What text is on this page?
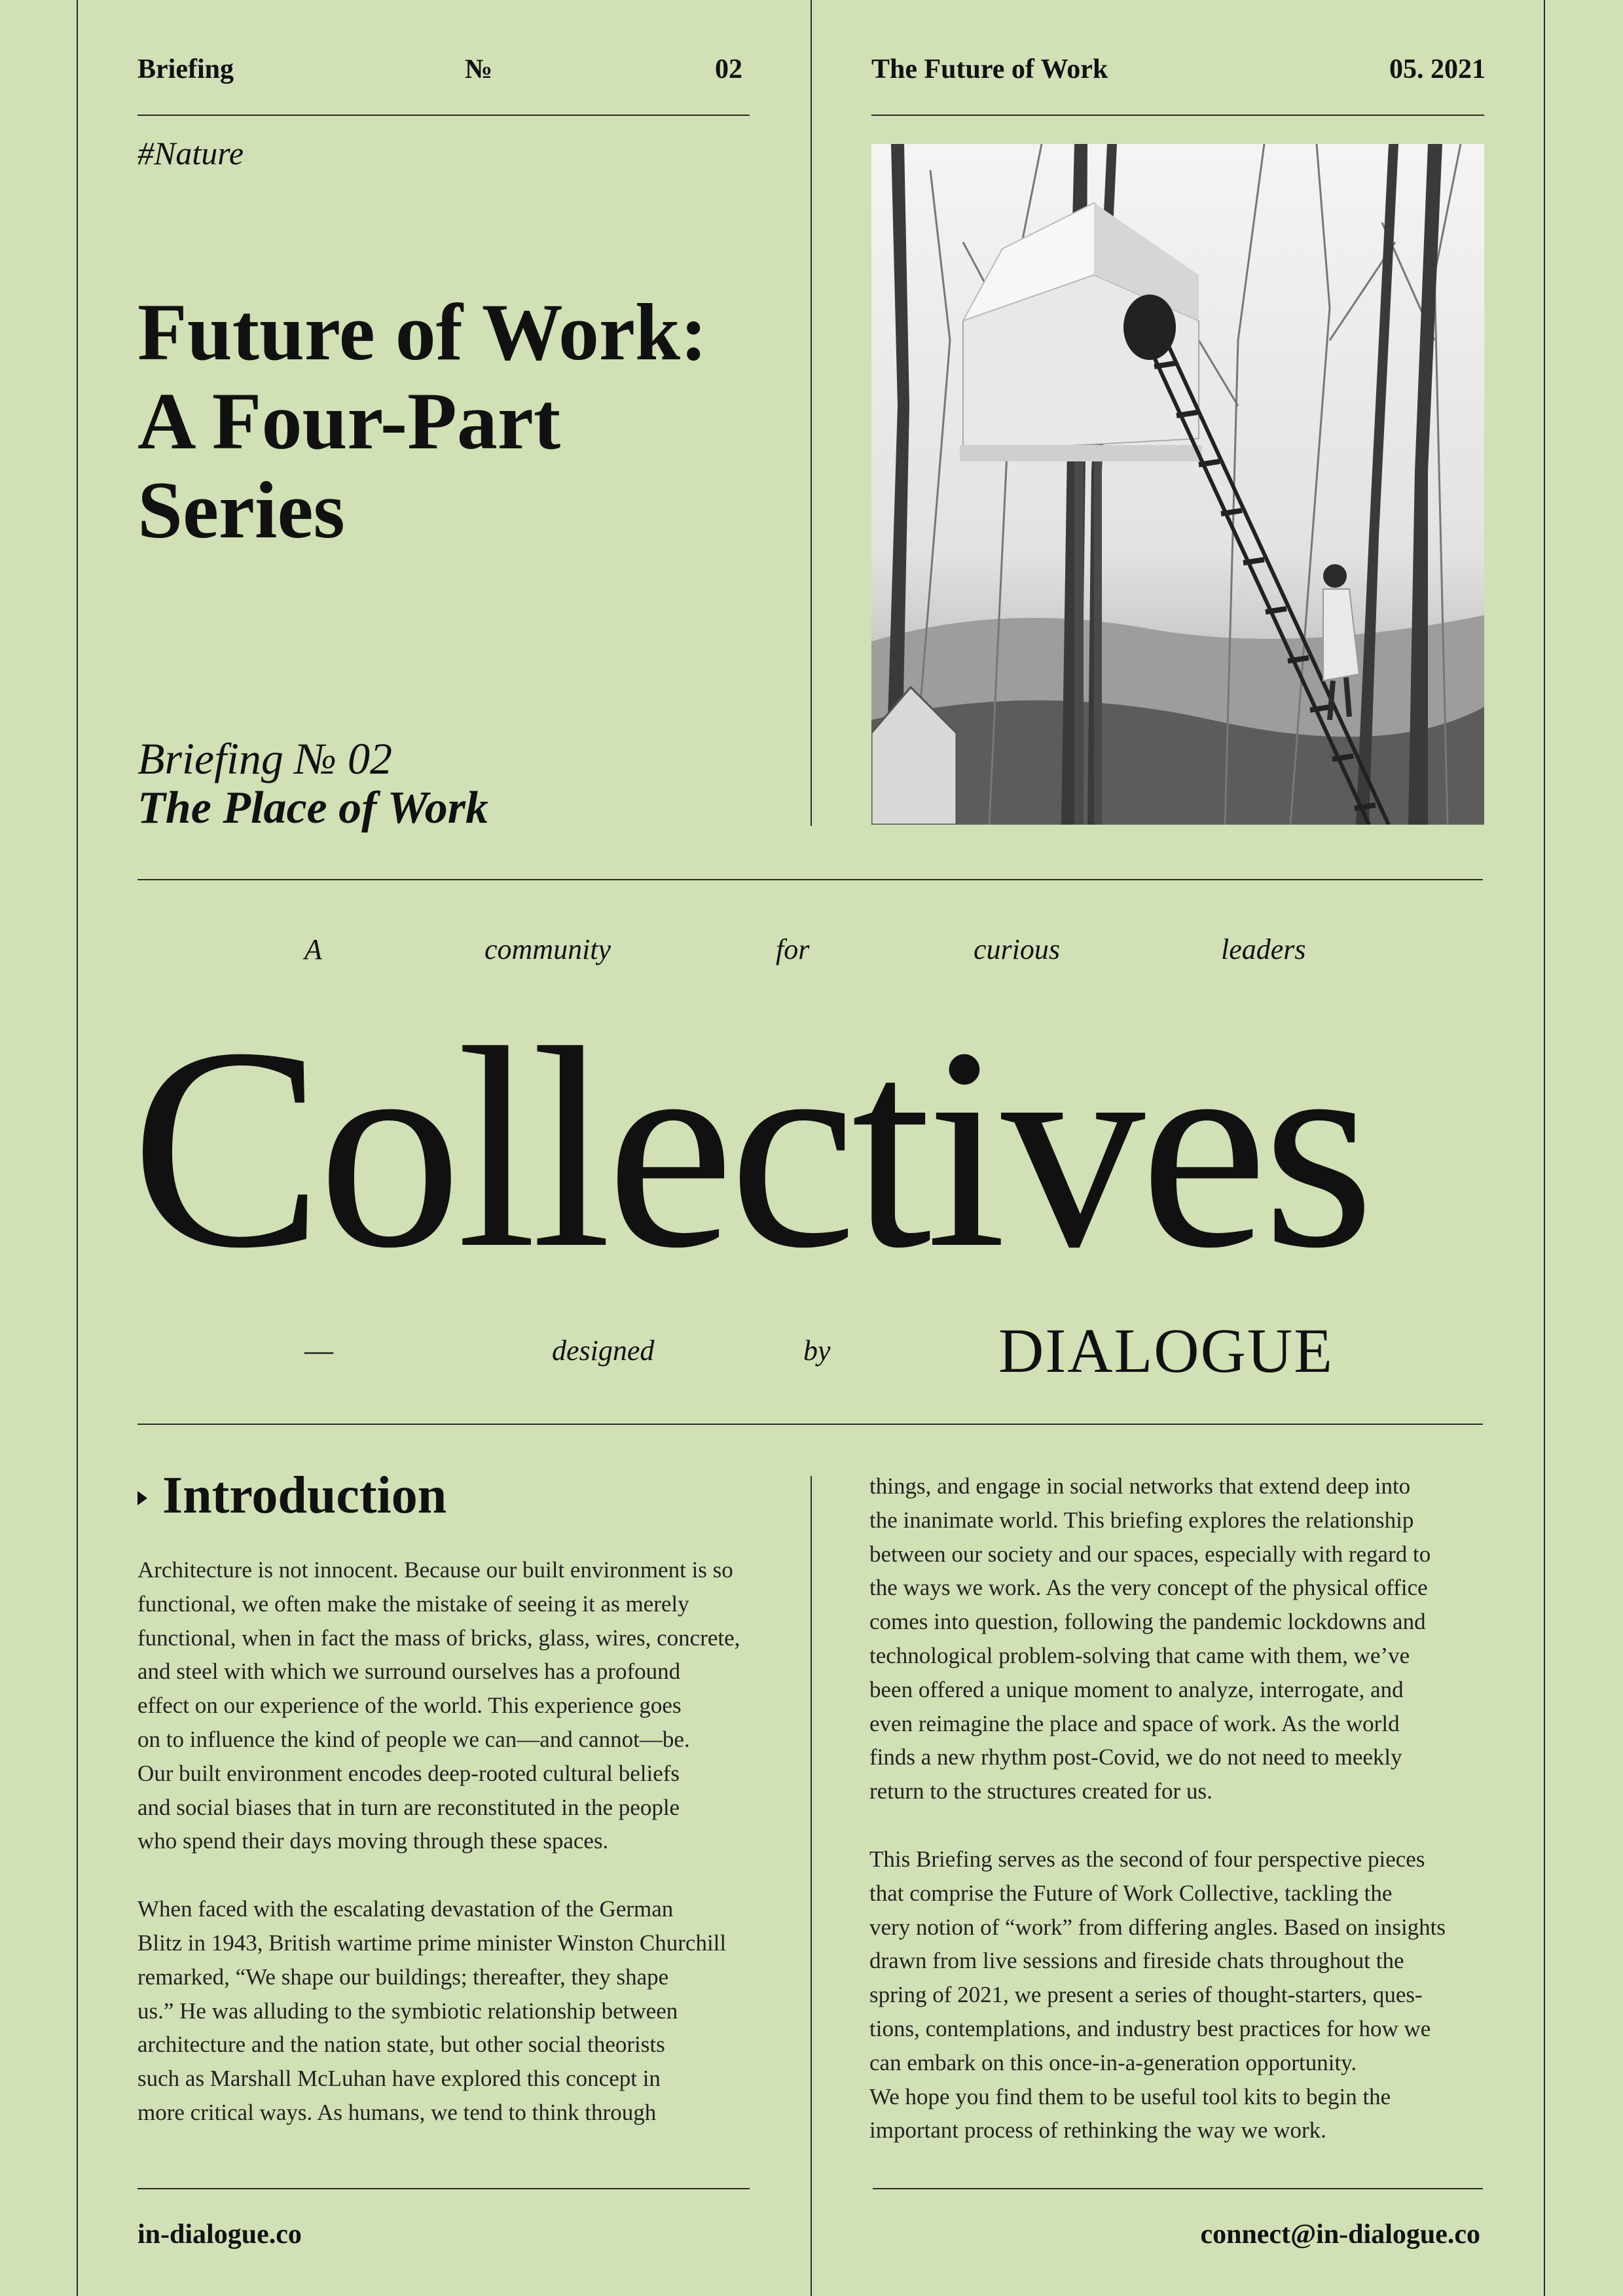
Briefing	№	02	The Future of Work	05. 2021
#Nature
Future of Work:
A Four-Part
Series
Briefing № 02
The Place of Work
A	community	for	curious	leaders
Collectives
—	designed	by	DIALOGUE
Introduction

Architecture is not innocent. Because our built environment is so
functional, we often make the mistake of seeing it as merely
functional, when in fact the mass of bricks, glass, wires, concrete,
and steel with which we surround ourselves has a profound
effect on our experience of the world. This experience goes
on to influence the kind of people we can—and cannot—be.
Our built environment encodes deep-rooted cultural beliefs
and social biases that in turn are reconstituted in the people
who spend their days moving through these spaces.

When faced with the escalating devastation of the German
Blitz in 1943, British wartime prime minister Winston Churchill
remarked, “We shape our buildings; thereafter, they shape
us.” He was alluding to the symbiotic relationship between
architecture and the nation state, but other social theorists
such as Marshall McLuhan have explored this concept in
more critical ways. As humans, we tend to think through

things, and engage in social networks that extend deep into
the inanimate world. This briefing explores the relationship
between our society and our spaces, especially with regard to
the ways we work. As the very concept of the physical office
comes into question, following the pandemic lockdowns and
technological problem-solving that came with them, we’ve
been offered a unique moment to analyze, interrogate, and
even reimagine the place and space of work. As the world
finds a new rhythm post-Covid, we do not need to meekly
return to the structures created for us.

This Briefing serves as the second of four perspective pieces
that comprise the Future of Work Collective, tackling the
very notion of “work” from differing angles. Based on insights
drawn from live sessions and fireside chats throughout the
spring of 2021, we present a series of thought-starters, ques-
tions, contemplations, and industry best practices for how we
can embark on this once-in-a-generation opportunity.
We hope you find them to be useful tool kits to begin the
important process of rethinking the way we work.

in-dialogue.co	connect@in-dialogue.co
